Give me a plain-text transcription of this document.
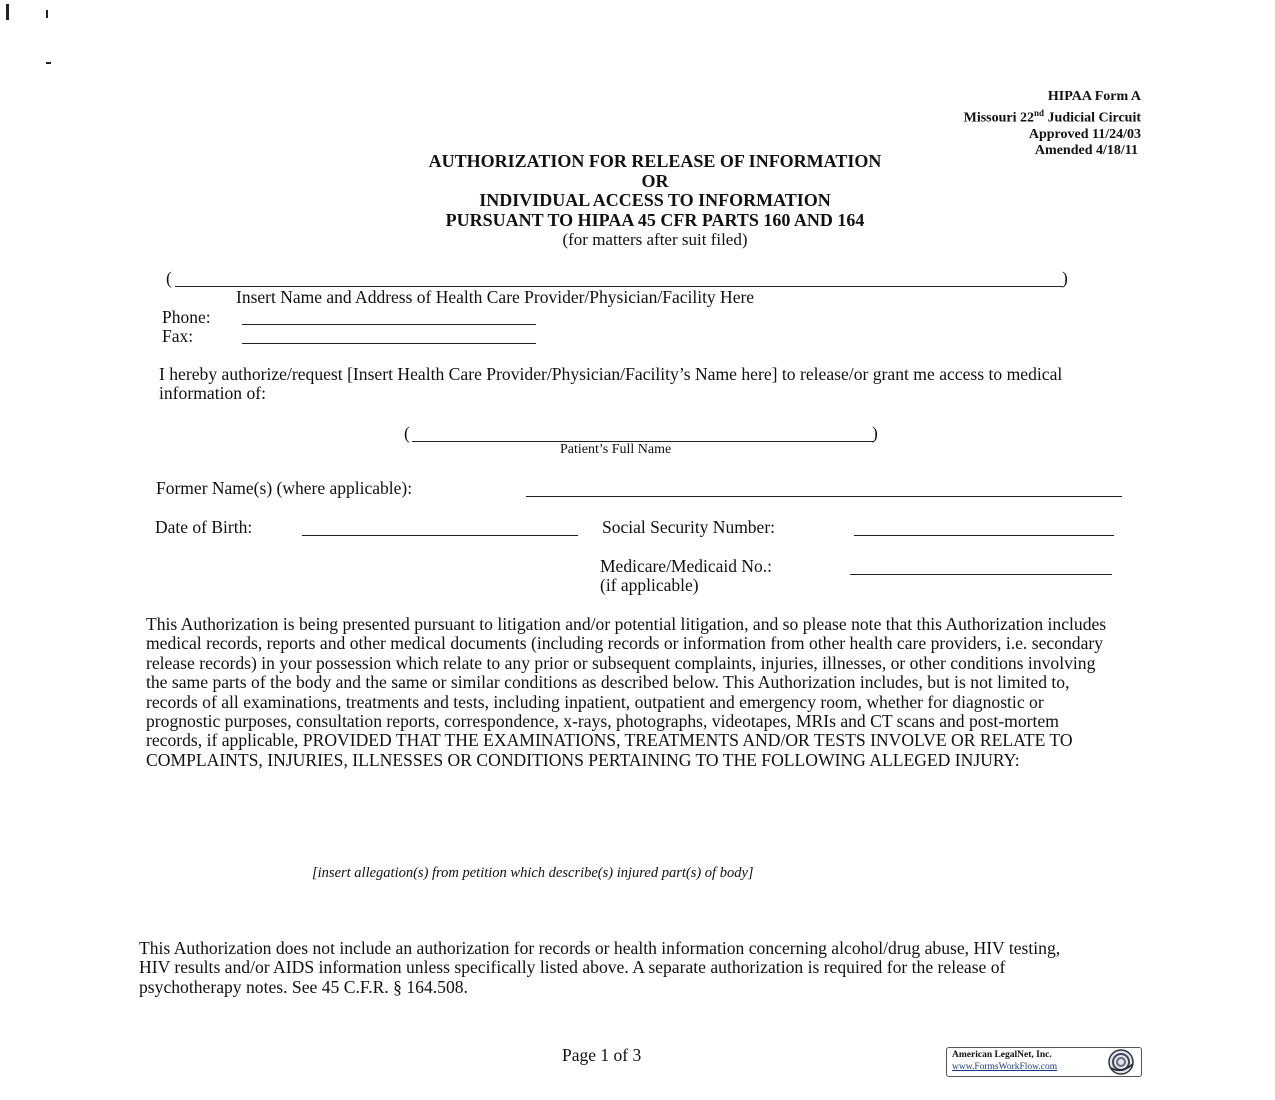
HIPAA Form A
Missouri 22nd Judicial Circuit
Approved 11/24/03
Amended 4/18/11
AUTHORIZATION FOR RELEASE OF INFORMATION
OR
INDIVIDUAL ACCESS TO INFORMATION
PURSUANT TO HIPAA 45 CFR PARTS 160 AND 164
(for matters after suit filed)
(	)
Insert Name and Address of Health Care Provider/Physician/Facility Here
Phone:
Fax:
I hereby authorize/request [Insert Health Care Provider/Physician/Facility’s Name here] to release/or grant me access to medical information of:
(	)
Patient’s Full Name
Former Name(s) (where applicable):
Date of Birth:	Social Security Number:
Medicare/Medicaid No.:
(if applicable)
This Authorization is being presented pursuant to litigation and/or potential litigation, and so please note that this Authorization includes medical records, reports and other medical documents (including records or information from other health care providers, i.e. secondary release records) in your possession which relate to any prior or subsequent complaints, injuries, illnesses, or other conditions involving the same parts of the body and the same or similar conditions as described below. This Authorization includes, but is not limited to, records of all examinations, treatments and tests, including inpatient, outpatient and emergency room, whether for diagnostic or prognostic purposes, consultation reports, correspondence, x-rays, photographs, videotapes, MRIs and CT scans and post-mortem records, if applicable, PROVIDED THAT THE EXAMINATIONS, TREATMENTS AND/OR TESTS INVOLVE OR RELATE TO COMPLAINTS, INJURIES, ILLNESSES OR CONDITIONS PERTAINING TO THE FOLLOWING ALLEGED INJURY:
[insert allegation(s) from petition which describe(s) injured part(s) of body]
This Authorization does not include an authorization for records or health information concerning alcohol/drug abuse, HIV testing, HIV results and/or AIDS information unless specifically listed above. A separate authorization is required for the release of psychotherapy notes. See 45 C.F.R. § 164.508.
Page 1 of 3	American LegalNet, Inc.
www.FormsWorkFlow.com
